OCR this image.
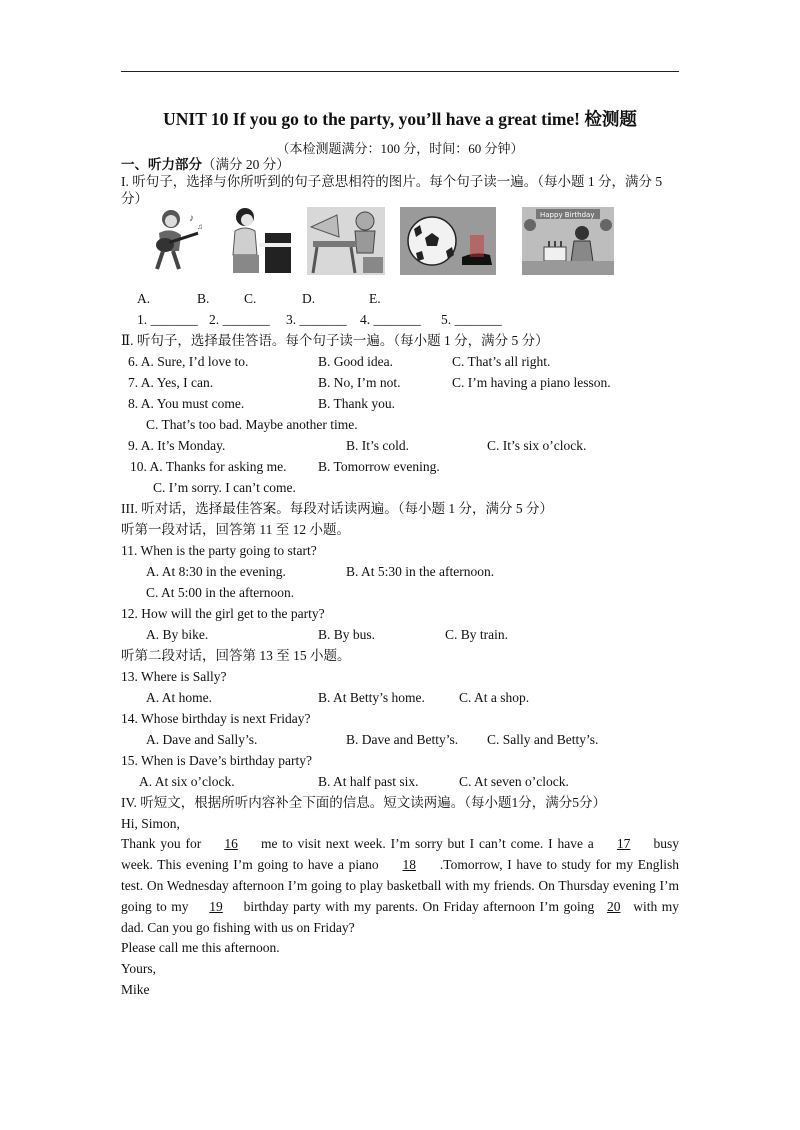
UNIT 10 If you go to the party, you’ll have a great time! 检测题
（本检测题满分：100 分，时间：60 分钟）
一、听力部分（满分 20 分）
I. 听句子，选择与你所听到的句子意思相符的图片。每个句子读一遍。（每小题 1 分，满分 5
分）
♪
♫
Happy Birthday
A.	B.	C.	D.	E.
1. _______ 2. _______ 3. _______ 4. _______ 5. _______
Ⅱ. 听句子，选择最佳答语。每个句子读一遍。（每小题 1 分，满分 5 分）
6. A. Sure, I’d love to.	B. Good idea.	C. That’s all right.
7. A. Yes, I can.	B. No, I’m not.	C. I’m having a piano lesson.
8. A. You must come.	B. Thank you.
C. That’s too bad. Maybe another time.
9. A. It’s Monday.	B. It’s cold.	C. It’s six o’clock.
10. A. Thanks for asking me. B. Tomorrow evening.
C. I’m sorry. I can’t come.
III. 听对话，选择最佳答案。每段对话读两遍。（每小题 1 分，满分 5 分）
听第一段对话，回答第 11 至 12 小题。
11. When is the party going to start?
A. At 8:30 in the evening.	B. At 5:30 in the afternoon.
C. At 5:00 in the afternoon.
12. How will the girl get to the party?
A. By bike.	B. By bus.	C. By train.
听第二段对话，回答第 13 至 15 小题。
13. Where is Sally?
A. At home.	B. At Betty’s home.	C. At a shop.
14. Whose birthday is next Friday?
A. Dave and Sally’s.	B. Dave and Betty’s. C. Sally and Betty’s.
15. When is Dave’s birthday party?
A. At six o’clock.	B. At half past six.	C. At seven o’clock.
IV. 听短文，根据所听内容补全下面的信息。短文读两遍。（每小题1分，满分5分）
Hi, Simon,
Thank you for 16 me to visit next week. I’m sorry but I can’t come. I have a 17 busy week. This evening I’m going to have a piano 18 .Tomorrow, I have to study for my English test. On Wednesday afternoon I’m going to play basketball with my friends. On Thursday evening I’m going to my 19 birthday party with my parents. On Friday afternoon I’m going 20 with my dad. Can you go fishing with us on Friday?
Please call me this afternoon.
Yours,
Mike
